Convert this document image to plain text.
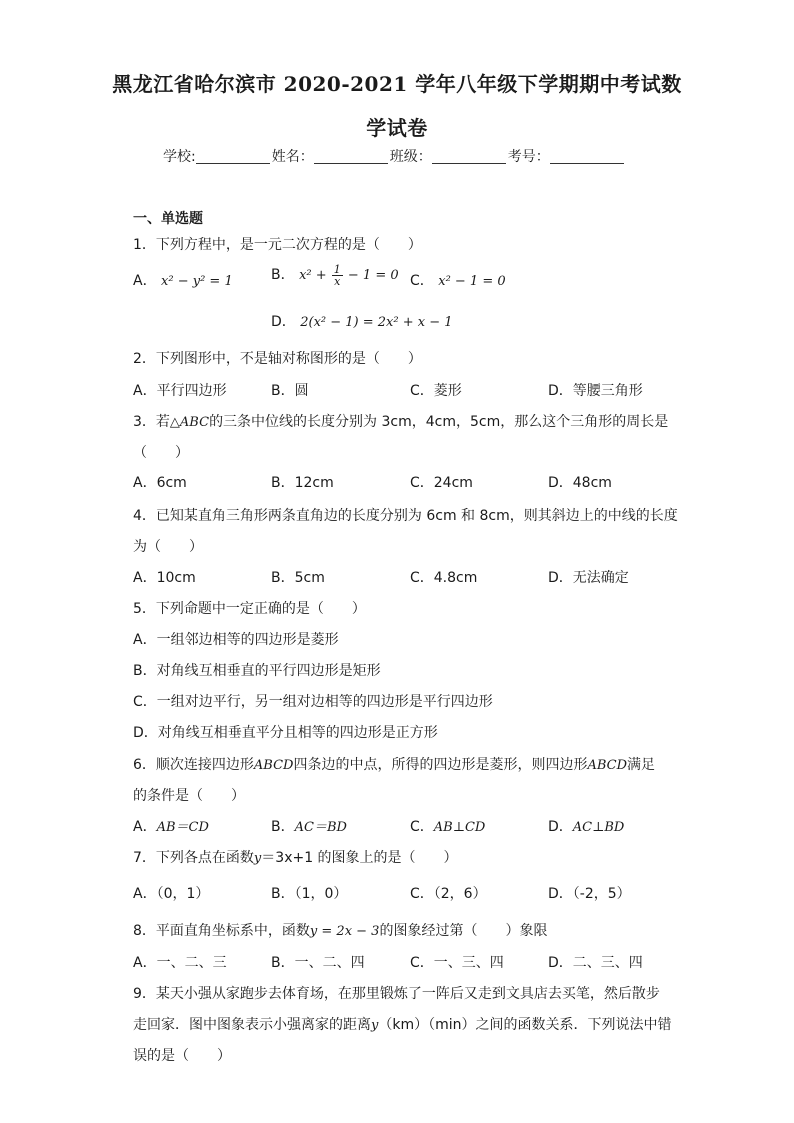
黑龙江省哈尔滨市 2020-2021 学年八年级下学期期中考试数
学试卷
学校:	姓名：	班级：	考号：
一、单选题
1．下列方程中，是一元二次方程的是（　　）
A． x² − y² = 1	B． $x^2 + \frac{1}{x} - 1 = 0$ C． x² − 1 = 0
D． 2(x² − 1) = 2x² + x − 1
2．下列图形中，不是轴对称图形的是（　　）
A．平行四边形	B．圆	C．菱形	D．等腰三角形
3．若△ABC的三条中位线的长度分别为 3cm，4cm，5cm，那么这个三角形的周长是
（　　）
A．6cm	B．12cm	C．24cm	D．48cm
4．已知某直角三角形两条直角边的长度分别为 6cm 和 8cm，则其斜边上的中线的长度
为（　　）
A．10cm	B．5cm	C．4.8cm	D．无法确定
5．下列命题中一定正确的是（　　）
A．一组邻边相等的四边形是菱形
B．对角线互相垂直的平行四边形是矩形
C．一组对边平行，另一组对边相等的四边形是平行四边形
D．对角线互相垂直平分且相等的四边形是正方形
6．顺次连接四边形ABCD四条边的中点，所得的四边形是菱形，则四边形ABCD满足
的条件是（　　）
A．AB＝CD	B．AC＝BD	C．AB⊥CD	D．AC⊥BD
7．下列各点在函数y＝3x+1 的图象上的是（　　）
A．（0，1）	B．（1，0）	C．（2，6）	D．（-2，5）
8．平面直角坐标系中，函数y = 2x − 3的图象经过第（　　）象限
A．一、二、三	B．一、二、四	C．一、三、四	D．二、三、四
9．某天小强从家跑步去体育场，在那里锻炼了一阵后又走到文具店去买笔，然后散步
走回家．图中图象表示小强离家的距离y（km）（min）之间的函数关系．下列说法中错
误的是（　　）
